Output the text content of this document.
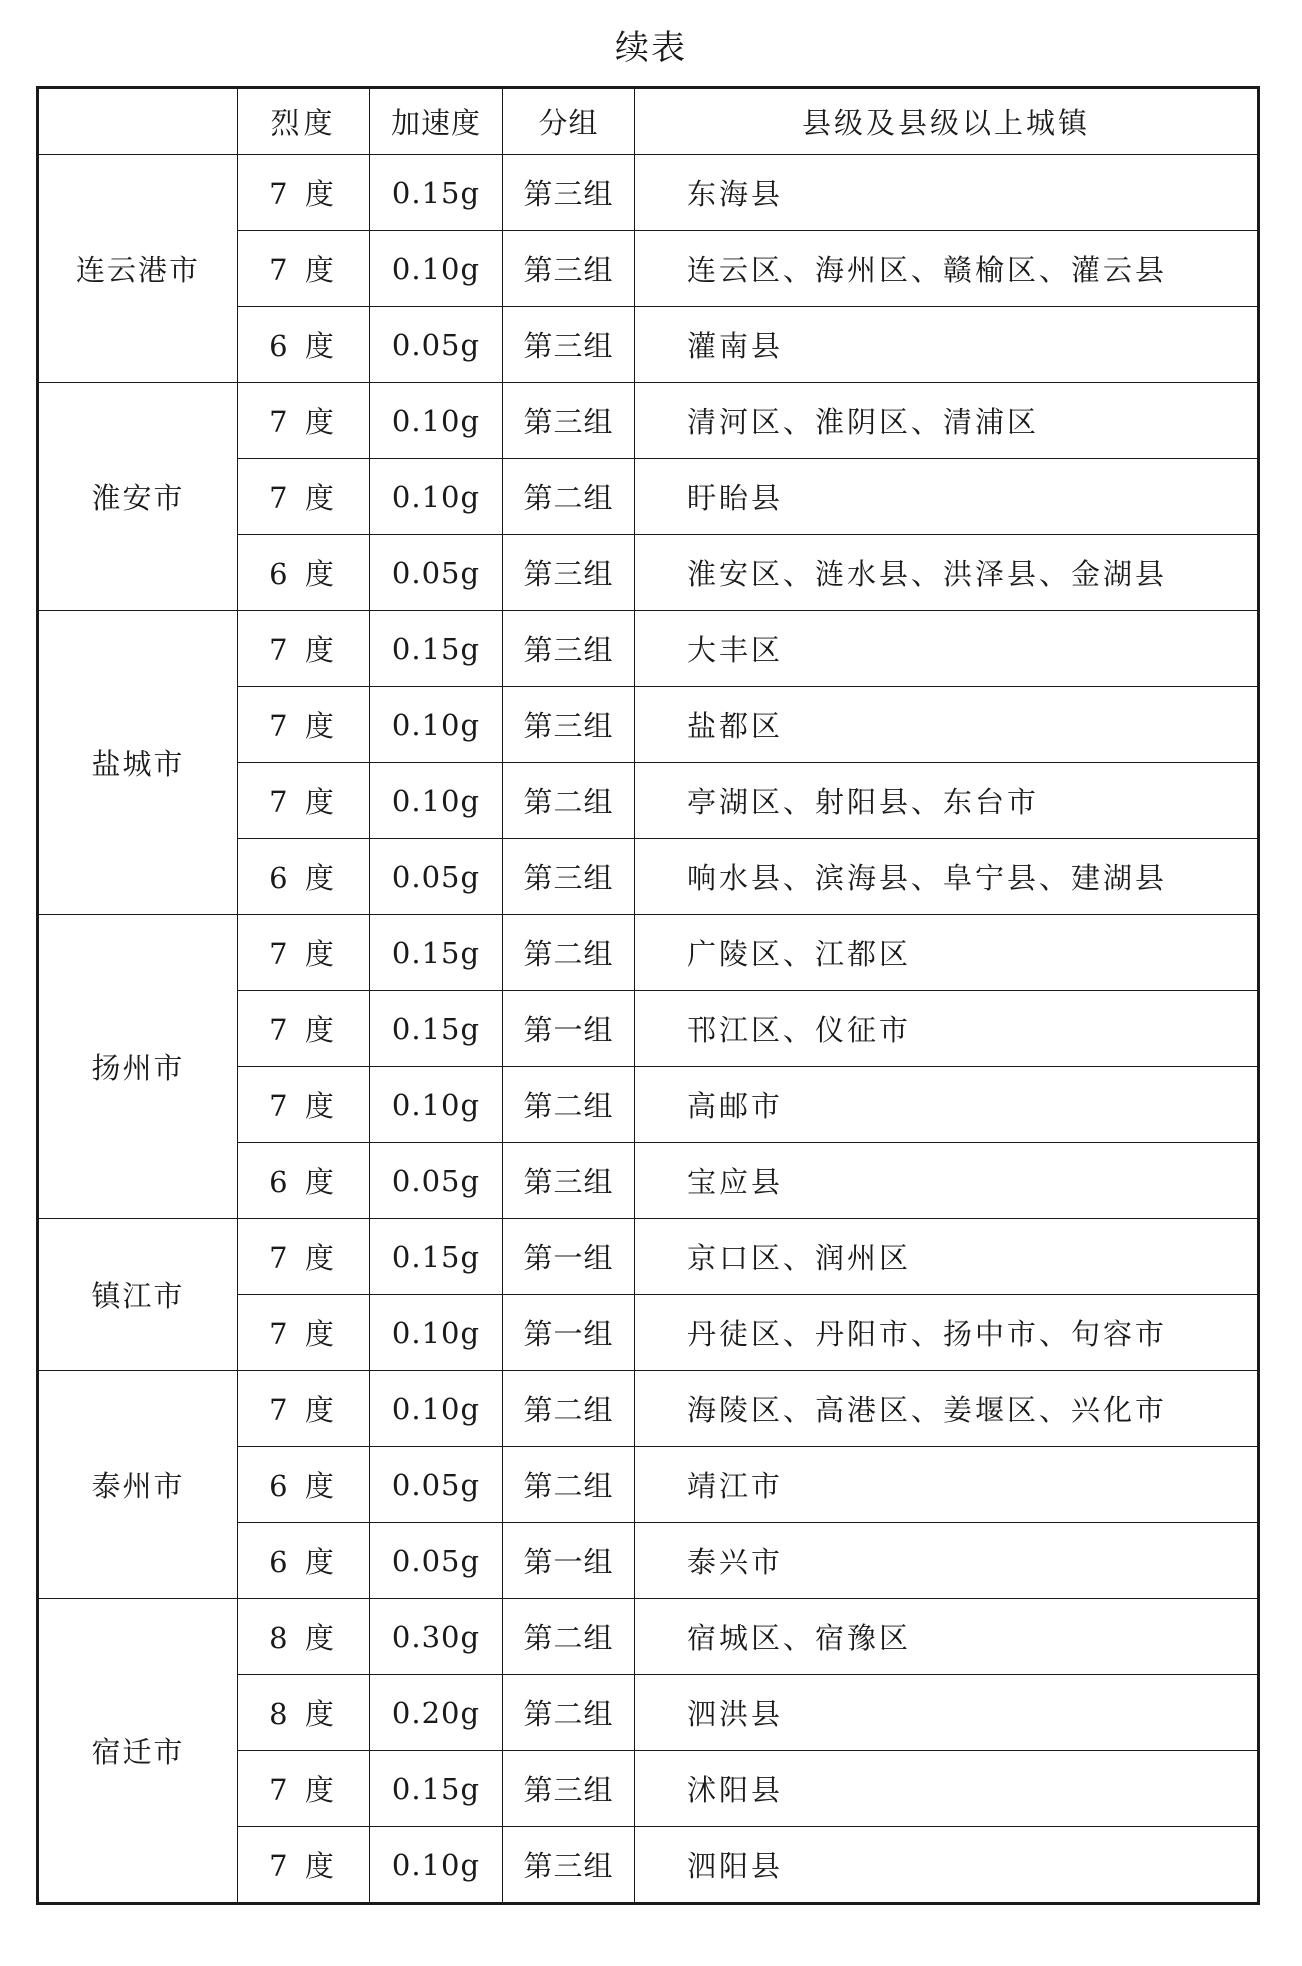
续表
	烈度	加速度	分组	县级及县级以上城镇
连云港市	7 度	0.15g	第三组	东海县
	7 度	0.10g	第三组	连云区、海州区、赣榆区、灌云县
	6 度	0.05g	第三组	灌南县
淮安市	7 度	0.10g	第三组	清河区、淮阴区、清浦区
	7 度	0.10g	第二组	盱眙县
	6 度	0.05g	第三组	淮安区、涟水县、洪泽县、金湖县
盐城市	7 度	0.15g	第三组	大丰区
	7 度	0.10g	第三组	盐都区
	7 度	0.10g	第二组	亭湖区、射阳县、东台市
	6 度	0.05g	第三组	响水县、滨海县、阜宁县、建湖县
扬州市	7 度	0.15g	第二组	广陵区、江都区
	7 度	0.15g	第一组	邗江区、仪征市
	7 度	0.10g	第二组	高邮市
	6 度	0.05g	第三组	宝应县
镇江市	7 度	0.15g	第一组	京口区、润州区
	7 度	0.10g	第一组	丹徒区、丹阳市、扬中市、句容市
泰州市	7 度	0.10g	第二组	海陵区、高港区、姜堰区、兴化市
	6 度	0.05g	第二组	靖江市
	6 度	0.05g	第一组	泰兴市
宿迁市	8 度	0.30g	第二组	宿城区、宿豫区
	8 度	0.20g	第二组	泗洪县
	7 度	0.15g	第三组	沭阳县
	7 度	0.10g	第三组	泗阳县
